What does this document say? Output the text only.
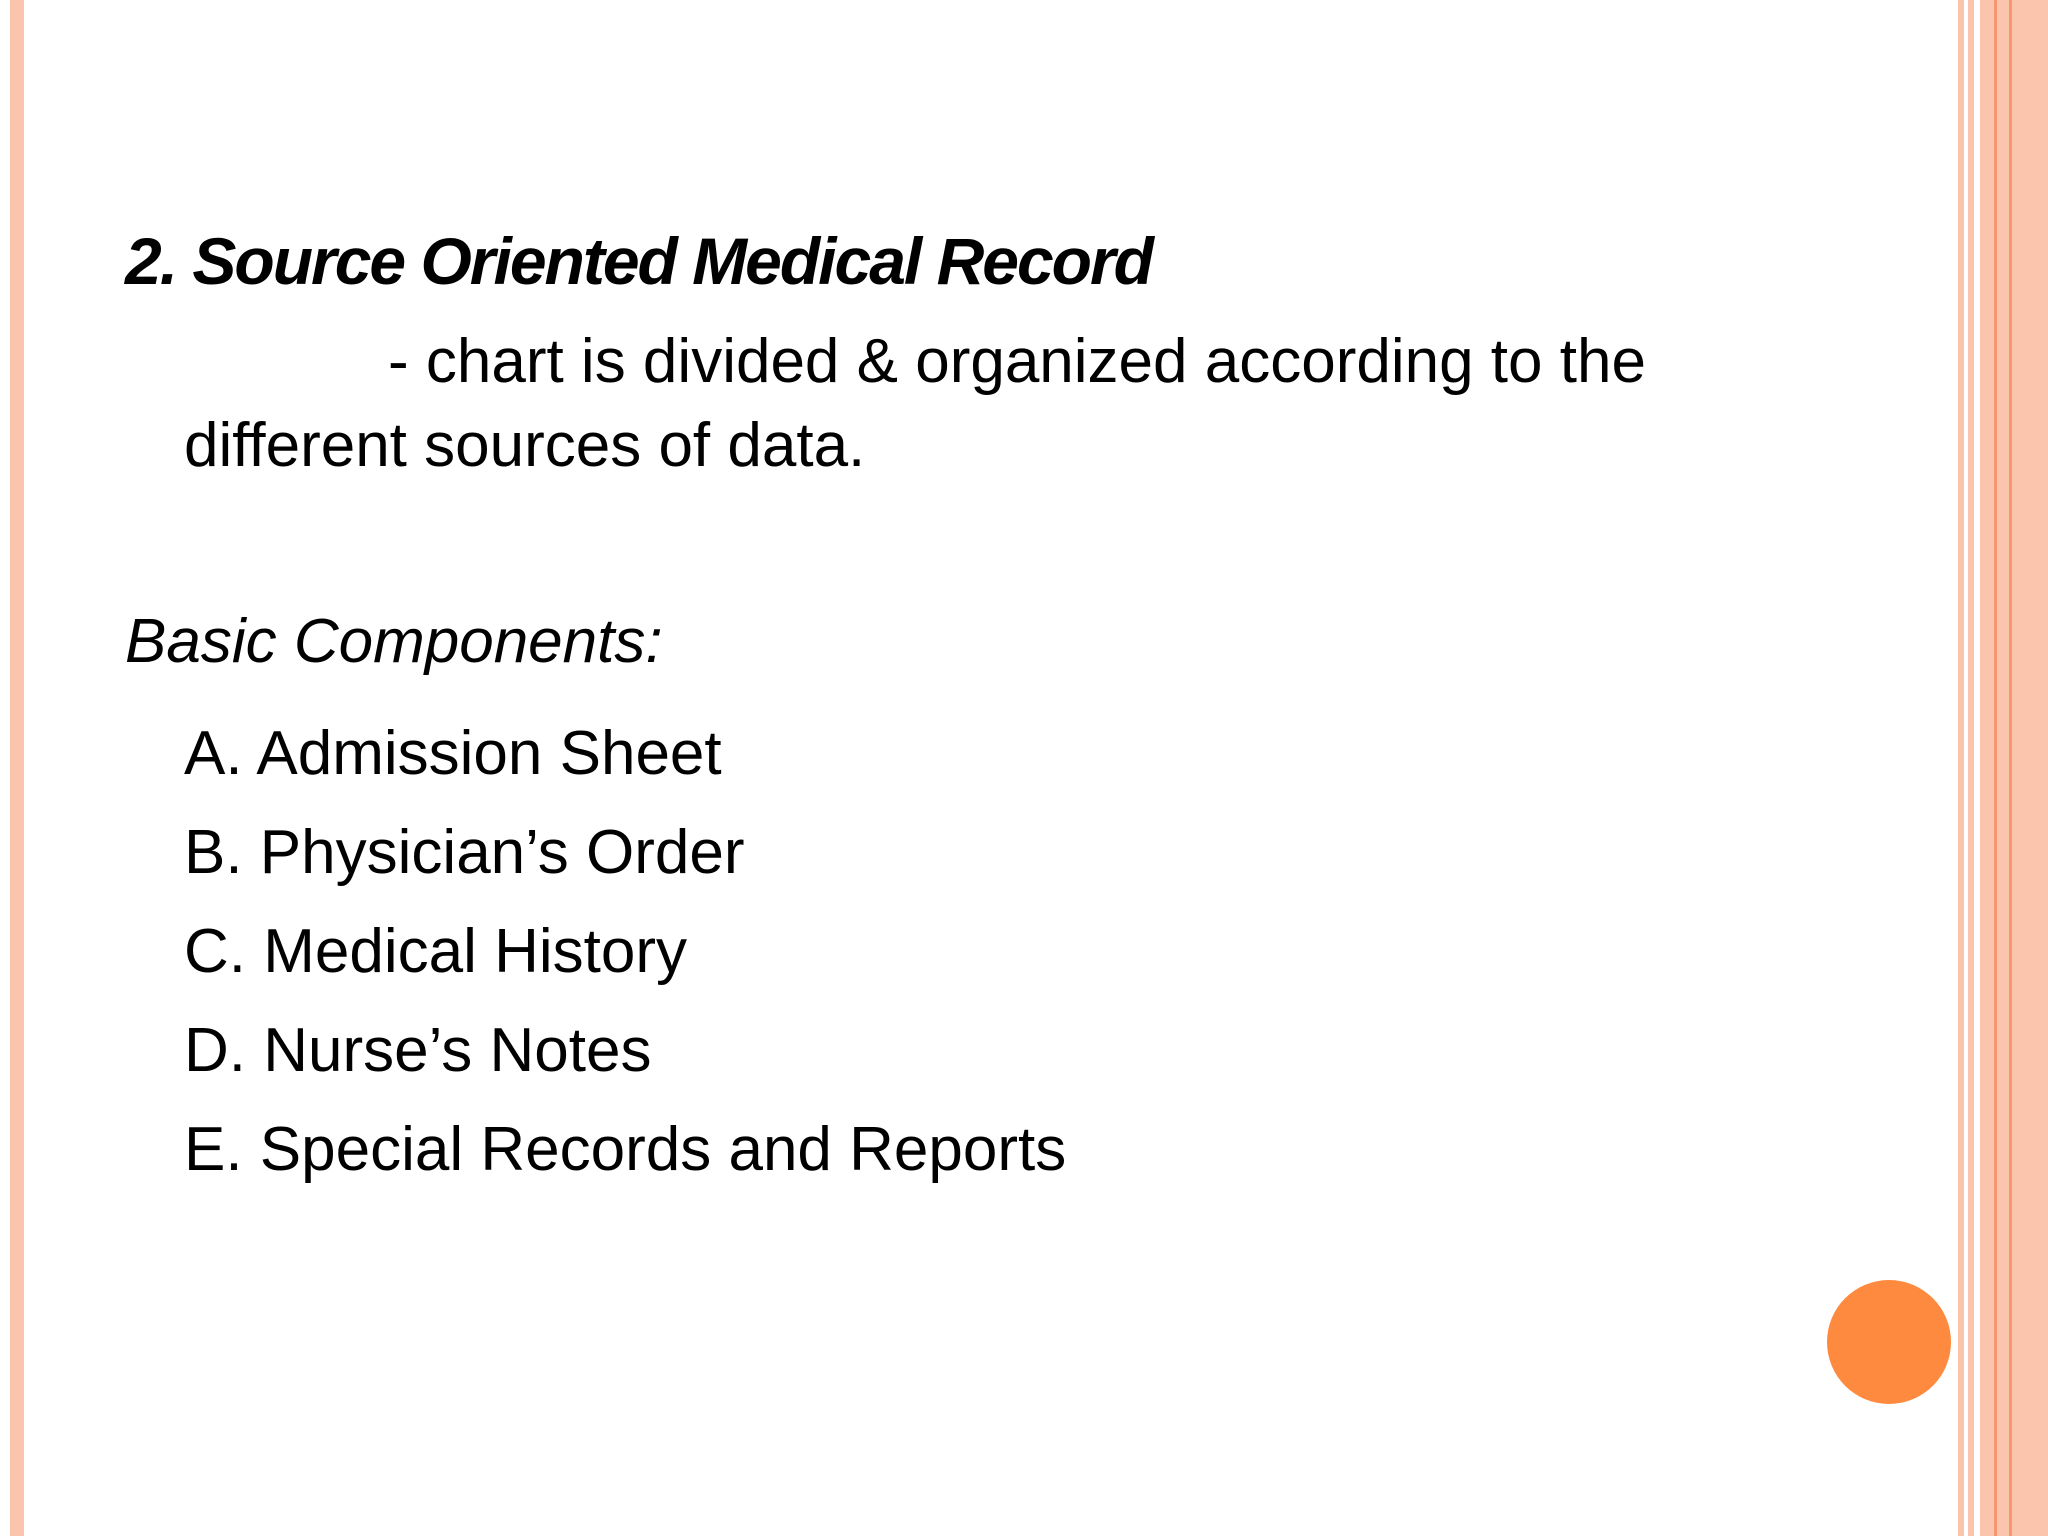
2. Source Oriented Medical Record
- chart is divided & organized according to the
different sources of data.
Basic Components:
A. Admission Sheet
B. Physician’s Order
C. Medical History
D. Nurse’s Notes
E. Special Records and Reports
